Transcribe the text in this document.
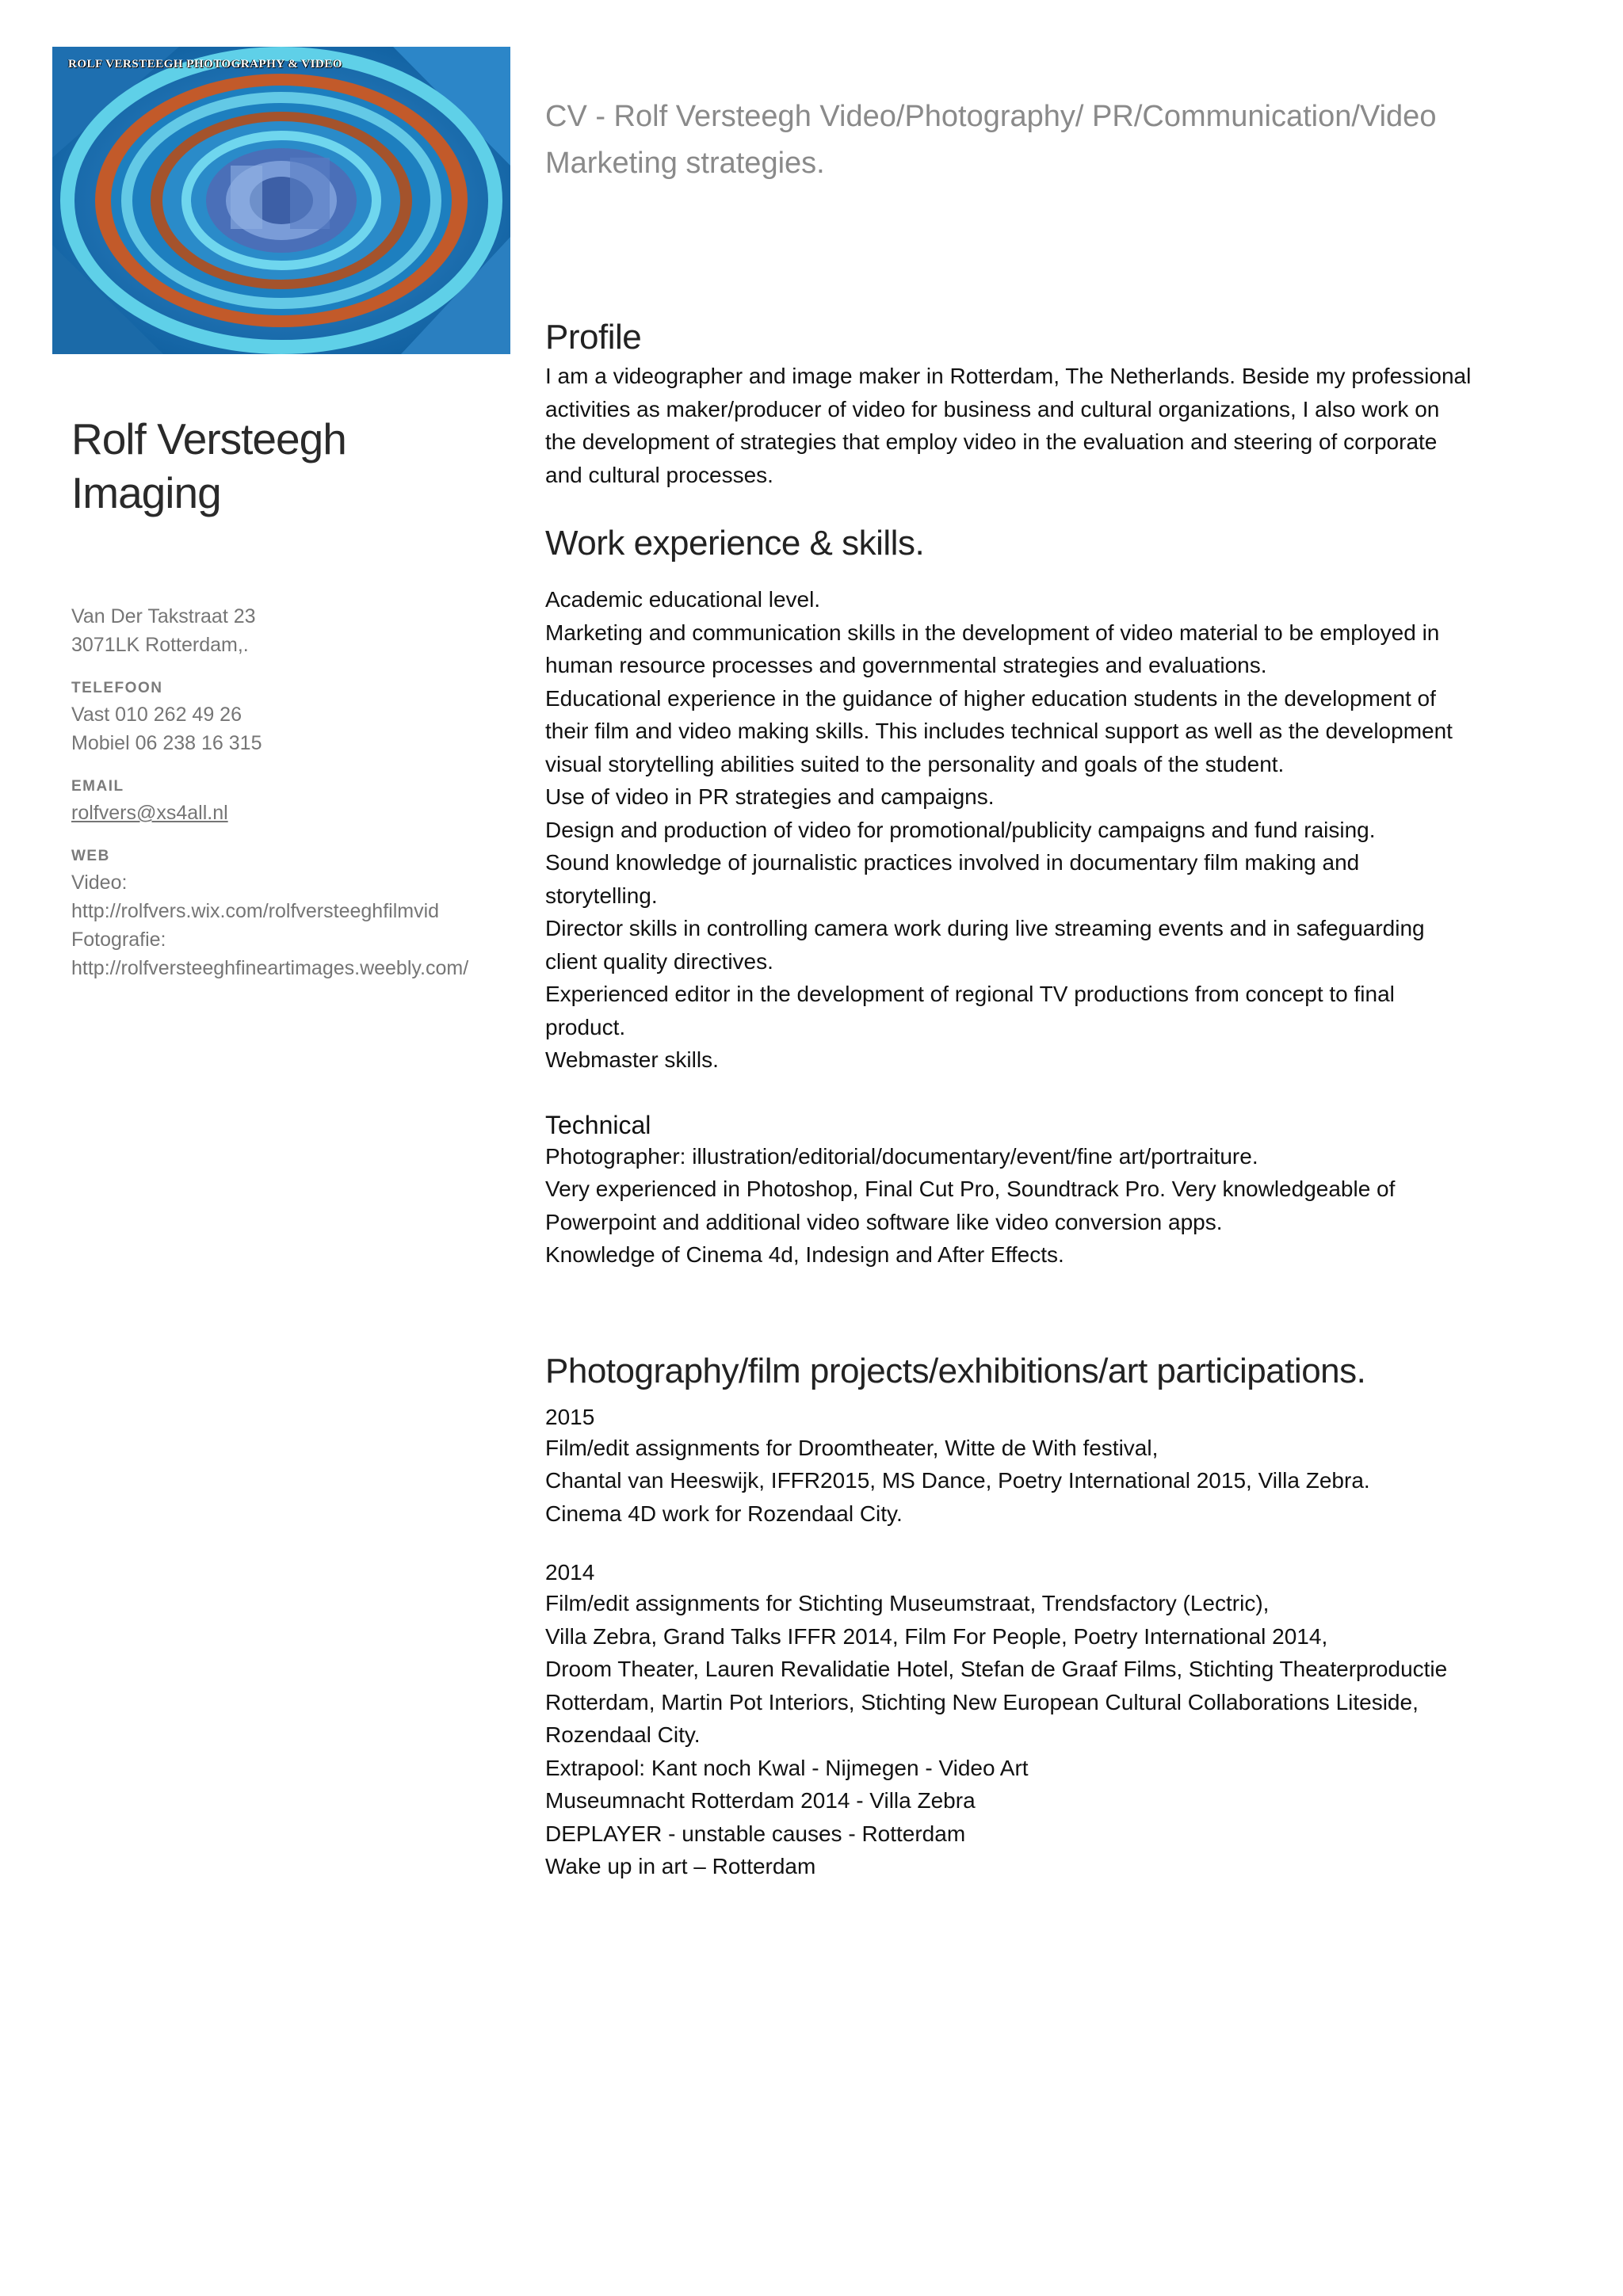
ROLF VERSTEEGH PHOTOGRAPHY & VIDEO
Rolf Versteegh
Imaging
Van Der Takstraat 23
3071LK Rotterdam,.
TELEFOON
Vast 010 262 49 26
Mobiel 06 238 16 315
EMAIL
rolfvers@xs4all.nl
WEB
Video:
http://rolfvers.wix.com/rolfversteeghfilmvid
Fotografie:
http://rolfversteeghfineartimages.weebly.com/
CV - Rolf Versteegh Video/Photography/ PR/Communication/Video
Marketing strategies.
Profile

I am a videographer and image maker in Rotterdam, The Netherlands. Beside my professional
activities as maker/producer of video for business and cultural organizations, I also work on
the development of strategies that employ video in the evaluation and steering of corporate
and cultural processes.

Work experience & skills.

Academic educational level.
Marketing and communication skills in the development of video material to be employed in
human resource processes and governmental strategies and evaluations.
Educational experience in the guidance of higher education students in the development of
their film and video making skills. This includes technical support as well as the development
visual storytelling abilities suited to the personality and goals of the student.
Use of video in PR strategies and campaigns.
Design and production of video for promotional/publicity campaigns and fund raising.
Sound knowledge of journalistic practices involved in documentary film making and
storytelling.
Director skills in controlling camera work during live streaming events and in safeguarding
client quality directives.
Experienced editor in the development of regional TV productions from concept to final
product.
Webmaster skills.

Technical

Photographer: illustration/editorial/documentary/event/fine art/portraiture.
Very experienced in Photoshop, Final Cut Pro, Soundtrack Pro. Very knowledgeable of
Powerpoint and additional video software like video conversion apps.
Knowledge of Cinema 4d, Indesign and After Effects.

Photography/film projects/exhibitions/art participations.
2015

Film/edit assignments for Droomtheater, Witte de With festival,
Chantal van Heeswijk, IFFR2015, MS Dance, Poetry International 2015, Villa Zebra.
Cinema 4D work for Rozendaal City.

2014

Film/edit assignments for Stichting Museumstraat, Trendsfactory (Lectric),
Villa Zebra, Grand Talks IFFR 2014, Film For People, Poetry International 2014,
Droom Theater, Lauren Revalidatie Hotel, Stefan de Graaf Films, Stichting Theaterproductie
Rotterdam, Martin Pot Interiors, Stichting New European Cultural Collaborations Liteside,
Rozendaal City.
Extrapool: Kant noch Kwal - Nijmegen - Video Art
Museumnacht Rotterdam 2014 - Villa Zebra
DEPLAYER - unstable causes - Rotterdam
Wake up in art – Rotterdam
